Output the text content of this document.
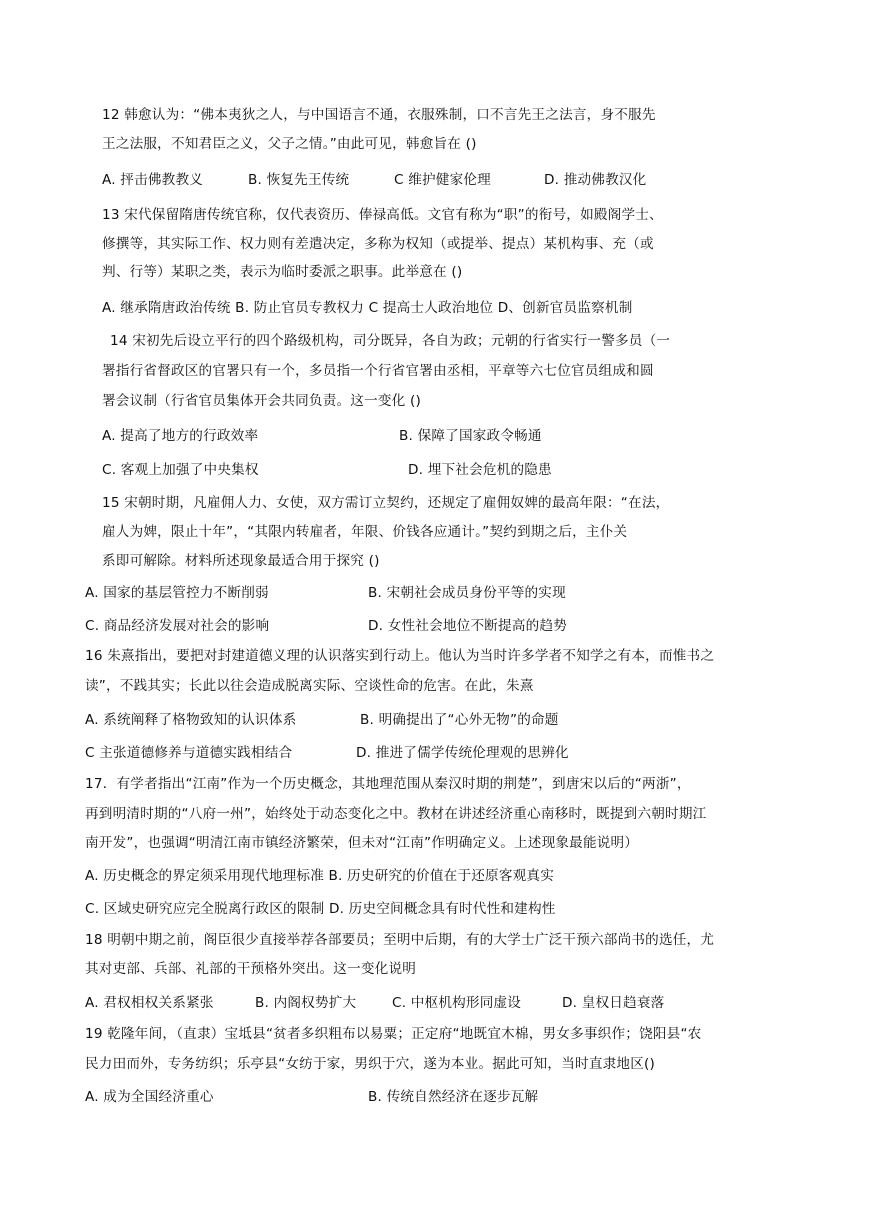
12 韩愈认为：“佛本夷狄之人，与中国语言不通，衣服殊制，口不言先王之法言，身不服先
王之法服，不知君臣之义，父子之情。”由此可见，韩愈旨在 ()
A. 抨击佛教教义	B. 恢复先王传统	C 维护健家伦理	D. 推动佛教汉化
13 宋代保留隋唐传统官称，仅代表资历、俸禄高低。文官有称为“职”的衔号，如殿阁学士、
修撰等，其实际工作、权力则有差遣决定，多称为权知（或提举、提点）某机构事、充（或
判、行等）某职之类，表示为临时委派之职事。此举意在 ()
A. 继承隋唐政治传统 B. 防止官员专教权力 C 提高士人政治地位 D、创新官员监察机制
14 宋初先后设立平行的四个路级机构，司分既异，各自为政；元朝的行省实行一警多员（一
署指行省督政区的官署只有一个，多员指一个行省官署由丞相，平章等六七位官员组成和圆
署会议制（行省官员集体开会共同负责。这一变化 ()
A. 提高了地方的行政效率	B. 保障了国家政令畅通
C. 客观上加强了中央集权	D. 埋下社会危机的隐患
15 宋朝时期，凡雇佣人力、女使，双方需订立契约，还规定了雇佣奴婢的最高年限：“在法，
雇人为婢，限止十年”，“其限内转雇者，年限、价钱各应通计。”契约到期之后，主仆关
系即可解除。材料所述现象最适合用于探究 ()
A. 国家的基层管控力不断削弱	B. 宋朝社会成员身份平等的实现
C. 商品经济发展对社会的影响	D. 女性社会地位不断提高的趋势
16 朱熹指出，要把对封建道德义理的认识落实到行动上。他认为当时许多学者不知学之有本，而惟书之
读”，不践其实；长此以往会造成脱离实际、空谈性命的危害。在此，朱熹
A. 系统阐释了格物致知的认识体系	B. 明确提出了“心外无物”的命题
C 主张道德修养与道德实践相结合	D. 推进了儒学传统伦理观的思辨化
17．有学者指出“江南”作为一个历史概念，其地理范围从秦汉时期的荆楚”，到唐宋以后的“两浙”，
再到明清时期的“八府一州”，始终处于动态变化之中。教材在讲述经济重心南移时，既提到六朝时期江
南开发”，也强调“明清江南市镇经济繁荣，但未对“江南”作明确定义。上述现象最能说明）
A. 历史概念的界定须采用现代地理标准 B. 历史研究的价值在于还原客观真实
C. 区域史研究应完全脱离行政区的限制 D. 历史空间概念具有时代性和建构性
18 明朝中期之前，阁臣很少直接举荐各部要员；至明中后期，有的大学士广泛干预六部尚书的选任，尤
其对吏部、兵部、礼部的干预格外突出。这一变化说明
A. 君权相权关系紧张	B. 内阁权势扩大	C. 中枢机构形同虚设	D. 皇权日趋衰落
19 乾隆年间，（直隶）宝坻县“贫者多织粗布以易粟；正定府“地既宜木棉，男女多事织作；饶阳县“农
民力田而外，专务纺织；乐亭县“女纺于家，男织于穴，遂为本业。据此可知，当时直隶地区()
A. 成为全国经济重心	B. 传统自然经济在逐步瓦解
